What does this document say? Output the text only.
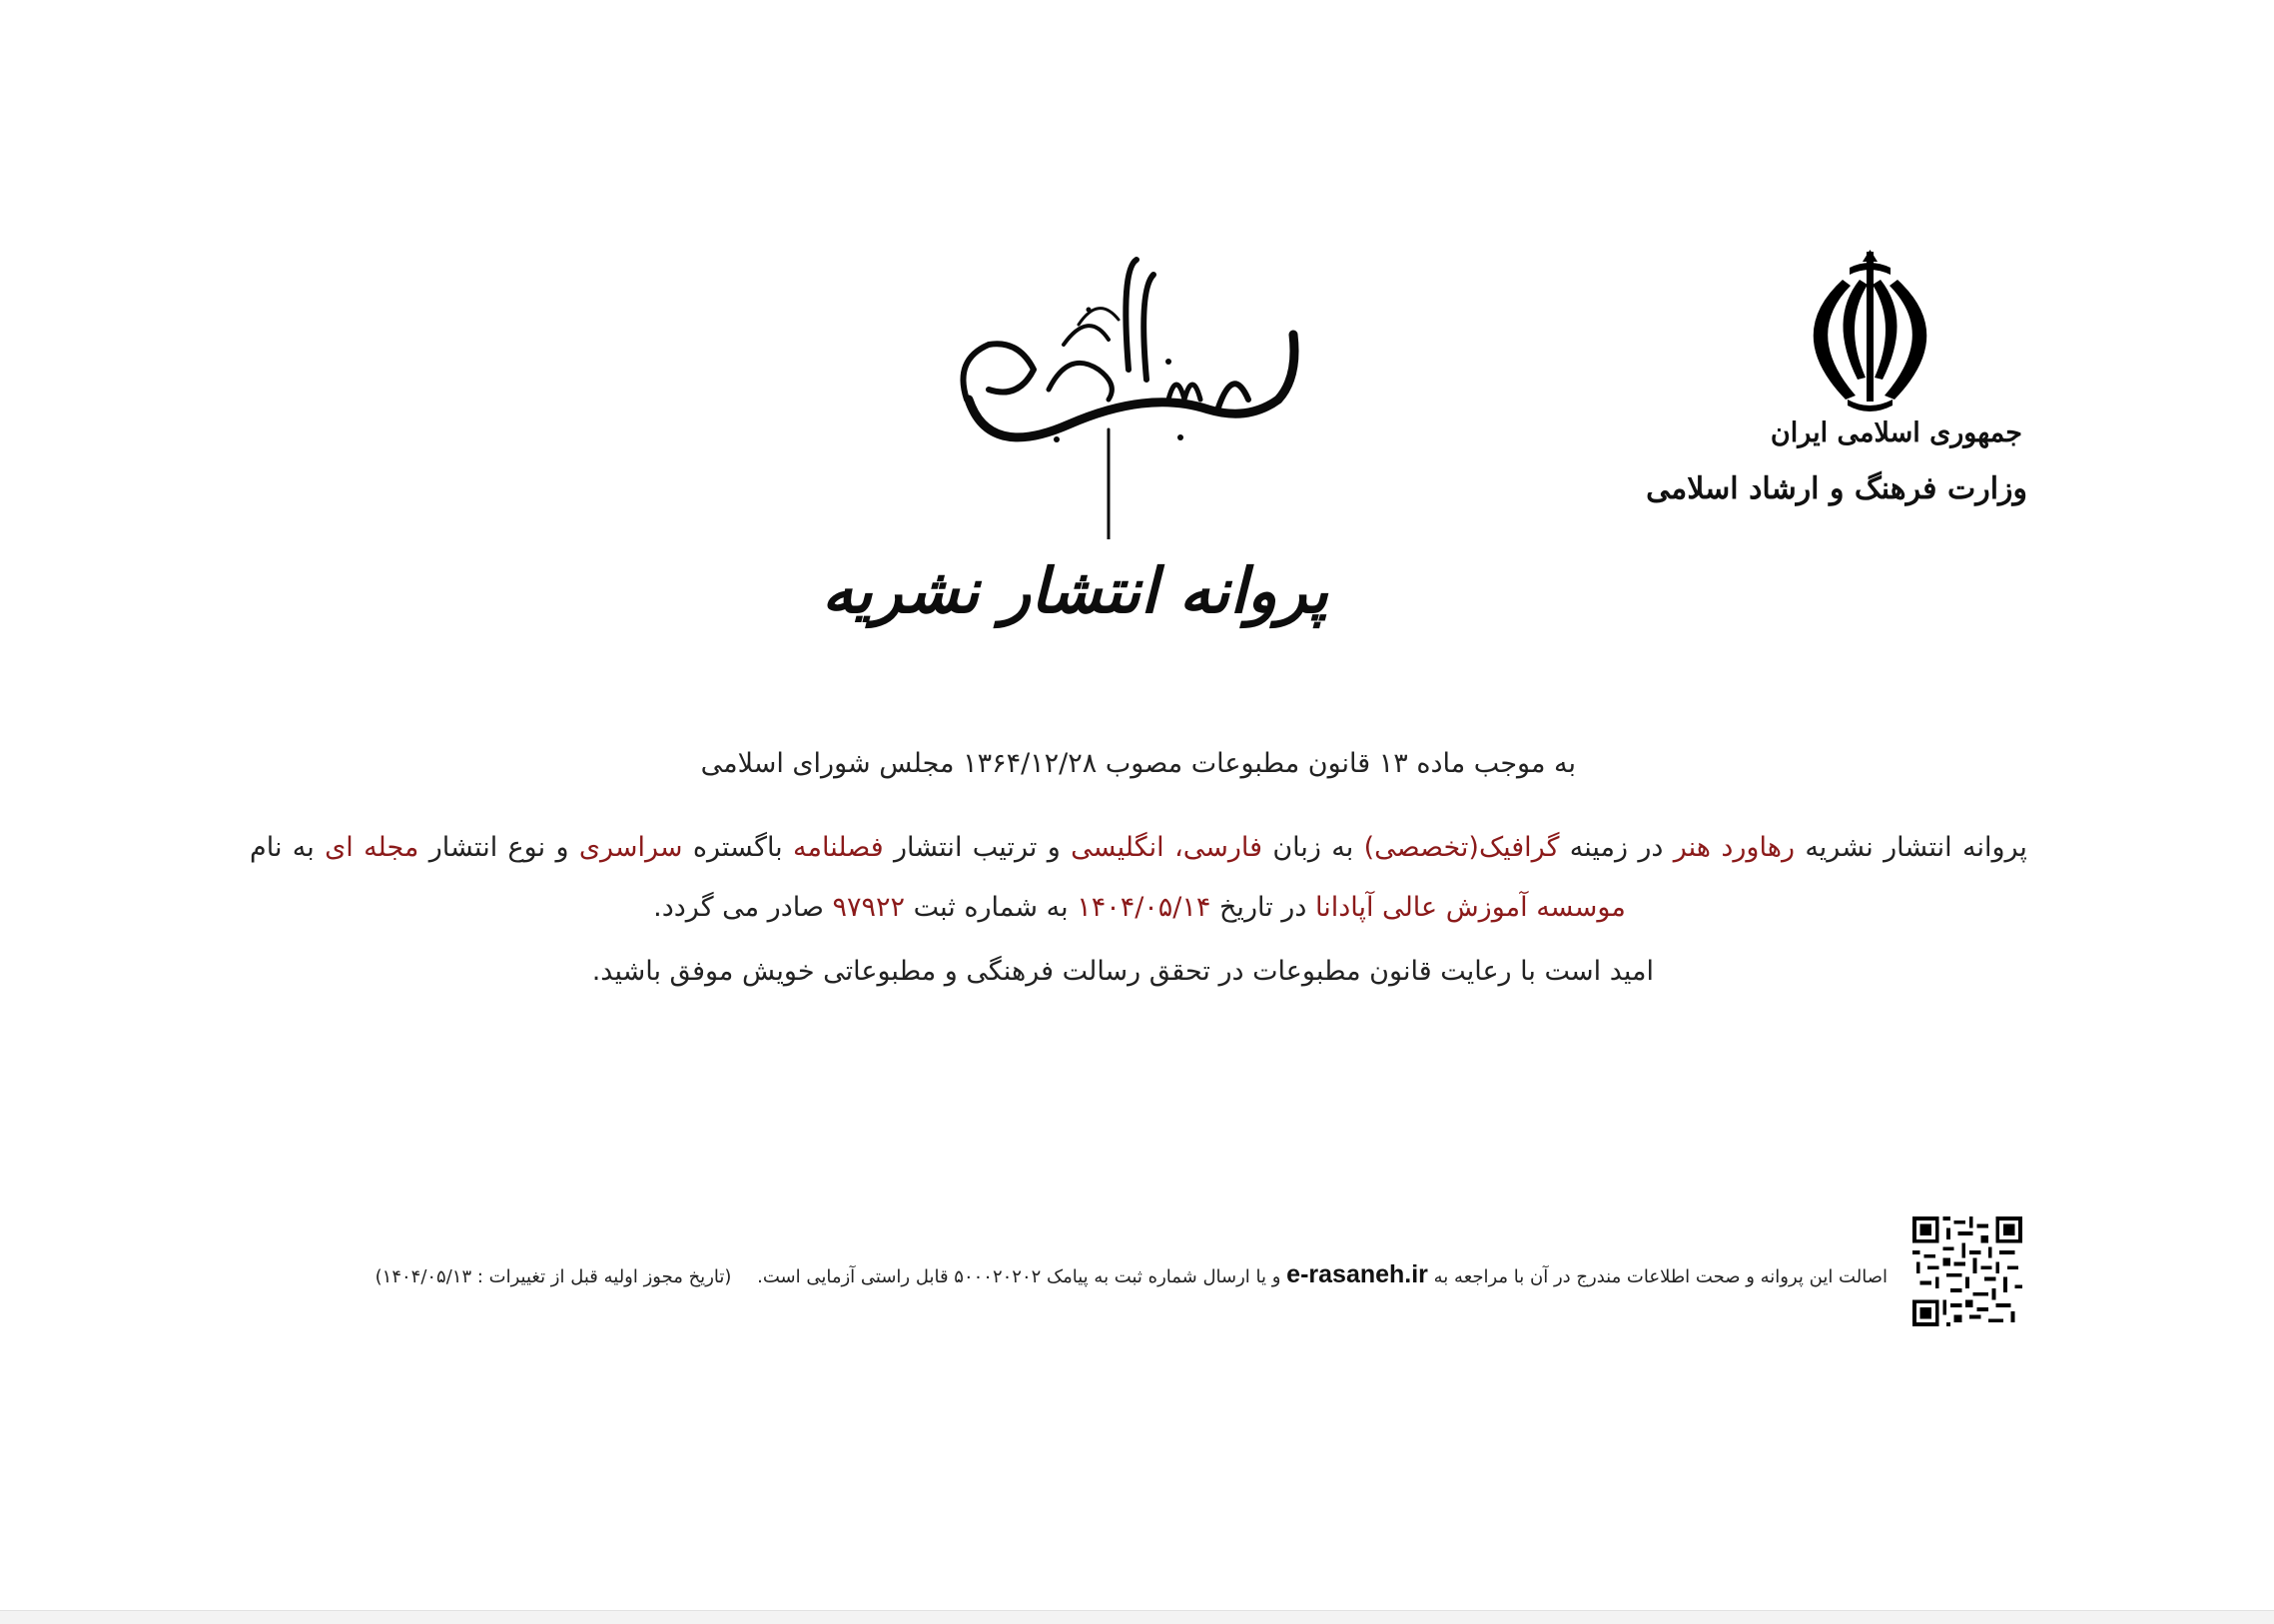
جمهوری اسلامی ایران
وزارت فرهنگ و ارشاد اسلامی
پروانه انتشار نشریه
به موجب ماده ۱۳ قانون مطبوعات مصوب ۱۳۶۴/۱۲/۲۸ مجلس شورای اسلامی
پروانه انتشار نشریه رهاورد هنر در زمینه گرافیک(تخصصی) به زبان فارسی، انگلیسی و ترتیب انتشار فصلنامه باگستره سراسری و نوع انتشار مجله ای به نام
موسسه آموزش عالی آپادانا در تاریخ ۱۴۰۴/۰۵/۱۴ به شماره ثبت ۹۷۹۲۲ صادر می گردد.
امید است با رعایت قانون مطبوعات در تحقق رسالت فرهنگی و مطبوعاتی خویش موفق باشید.
اصالت این پروانه و صحت اطلاعات مندرج در آن با مراجعه به e-rasaneh.ir و یا ارسال شماره ثبت به پیامک ۵۰۰۰۲۰۲۰۲ قابل راستی آزمایی است. (تاریخ مجوز اولیه قبل از تغییرات : ۱۴۰۴/۰۵/۱۳)
